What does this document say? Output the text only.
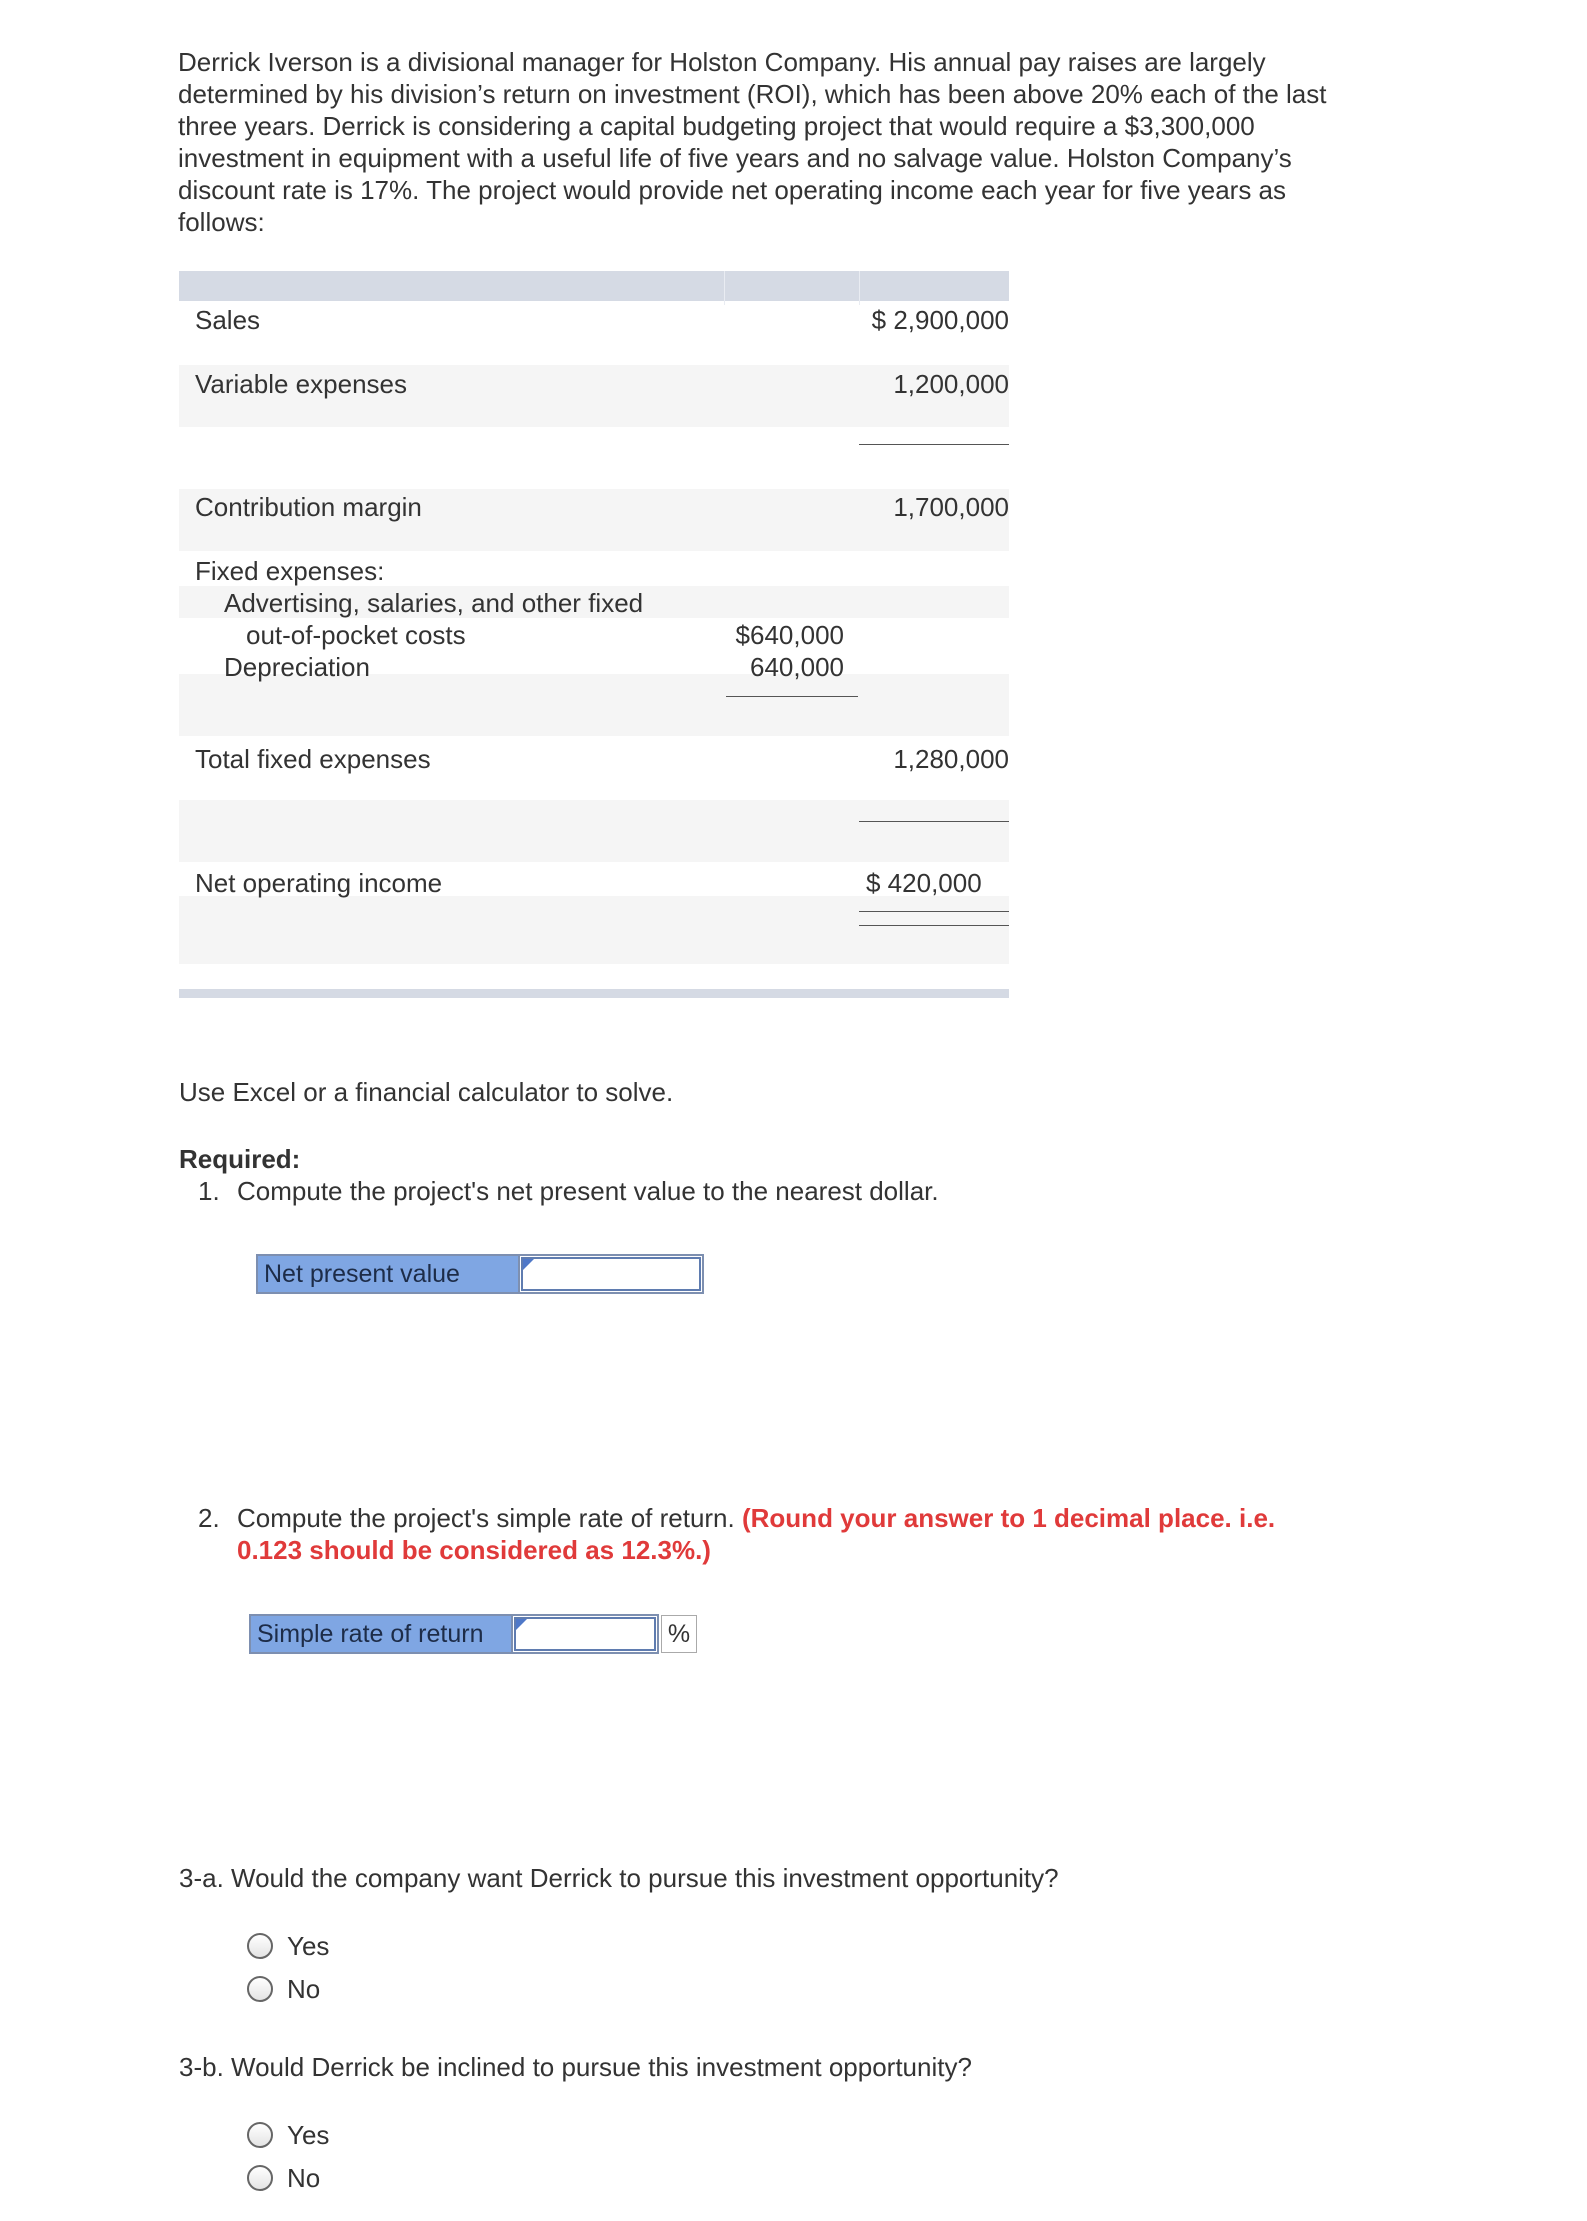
Derrick Iverson is a divisional manager for Holston Company. His annual pay raises are largely determined by his division’s return on investment (ROI), which has been above 20% each of the last three years. Derrick is considering a capital budgeting project that would require a $3,300,000 investment in equipment with a useful life of five years and no salvage value. Holston Company’s discount rate is 17%. The project would provide net operating income each year for five years as follows:
Sales	$ 2,900,000
Variable expenses	1,200,000
Contribution margin	1,700,000
Fixed expenses:
Advertising, salaries, and other fixed
out-of-pocket costs	$640,000
Depreciation	640,000
Total fixed expenses	1,280,000
Net operating income	$ 420,000
Use Excel or a financial calculator to solve.
Required:
1. Compute the project's net present value to the nearest dollar.
Net present value
2. Compute the project's simple rate of return. (Round your answer to 1 decimal place. i.e.
0.123 should be considered as 12.3%.)
Simple rate of return	%
3-a. Would the company want Derrick to pursue this investment opportunity?
Yes
No
3-b. Would Derrick be inclined to pursue this investment opportunity?
Yes
No
